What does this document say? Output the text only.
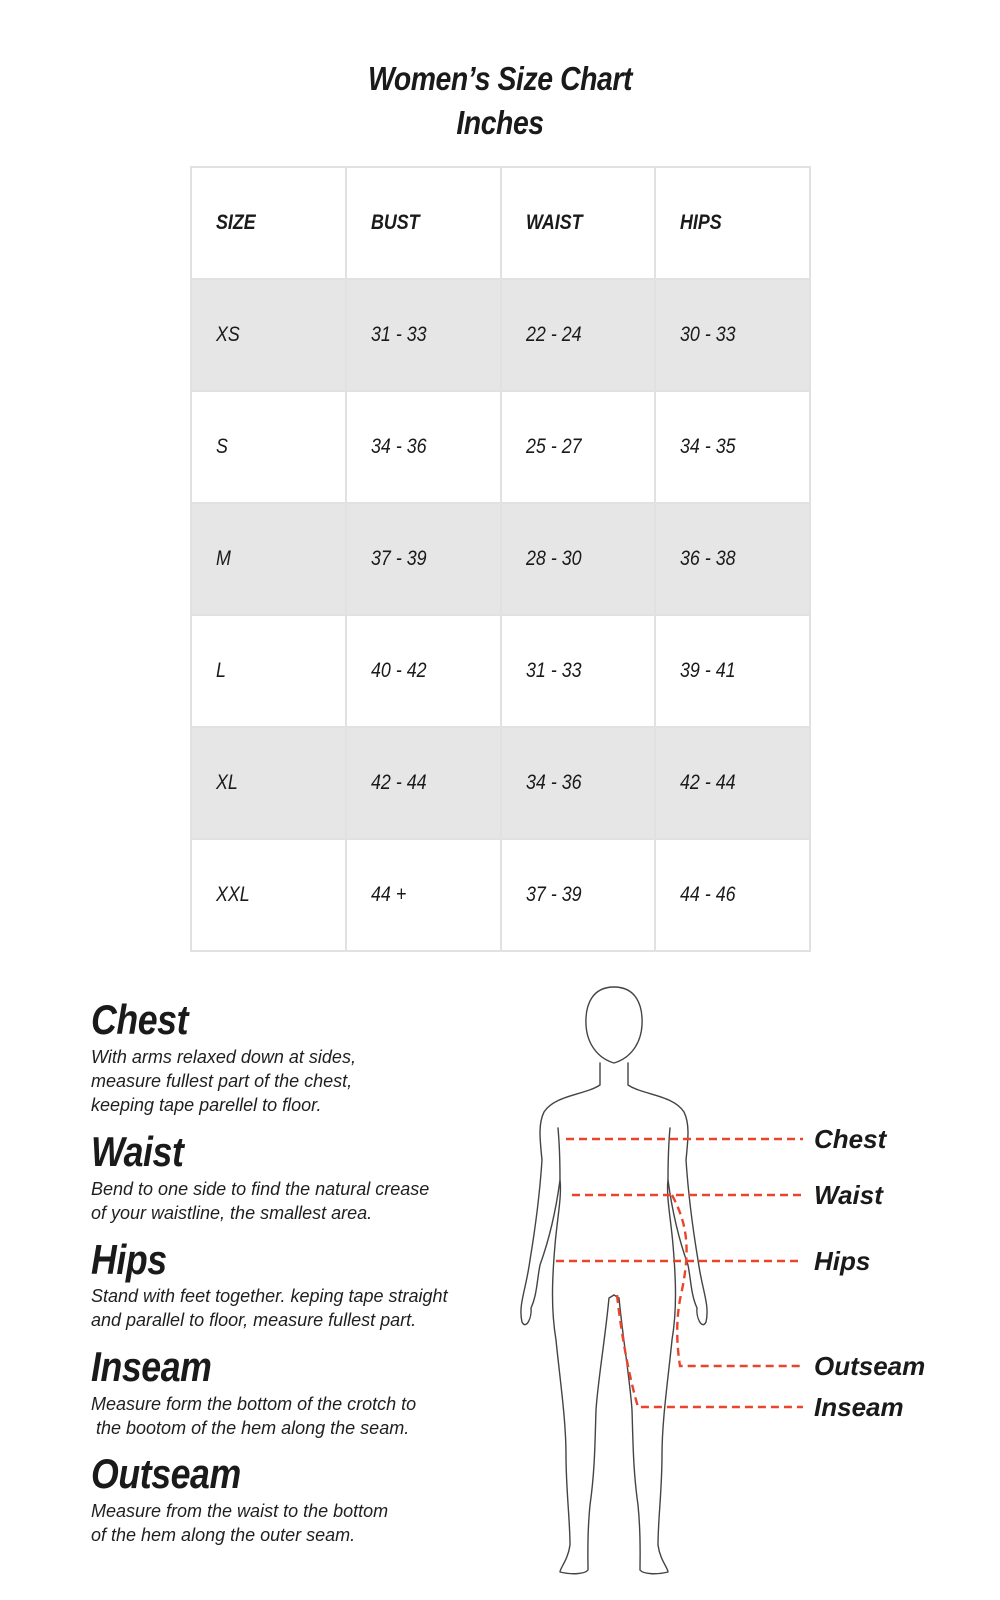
Women’s Size Chart
Inches
SIZE	BUST	WAIST	HIPS
XS	31 - 33	22 - 24	30 - 33
S	34 - 36	25 - 27	34 - 35
M	37 - 39	28 - 30	36 - 38
L	40 - 42	31 - 33	39 - 41
XL	42 - 44	34 - 36	42 - 44
XXL	44 +	37 - 39	44 - 46
Chest
With arms relaxed down at sides,
measure fullest part of the chest,
keeping tape parellel to floor.
Waist
Bend to one side to find the natural crease
of your waistline, the smallest area.
Hips
Stand with feet together. keping tape straight
and parallel to floor, measure fullest part.
Inseam
Measure form the bottom of the crotch to
the bootom of the hem along the seam.
Outseam
Measure from the waist to the bottom
of the hem along the outer seam.
Chest
Waist
Hips
Outseam
Inseam
